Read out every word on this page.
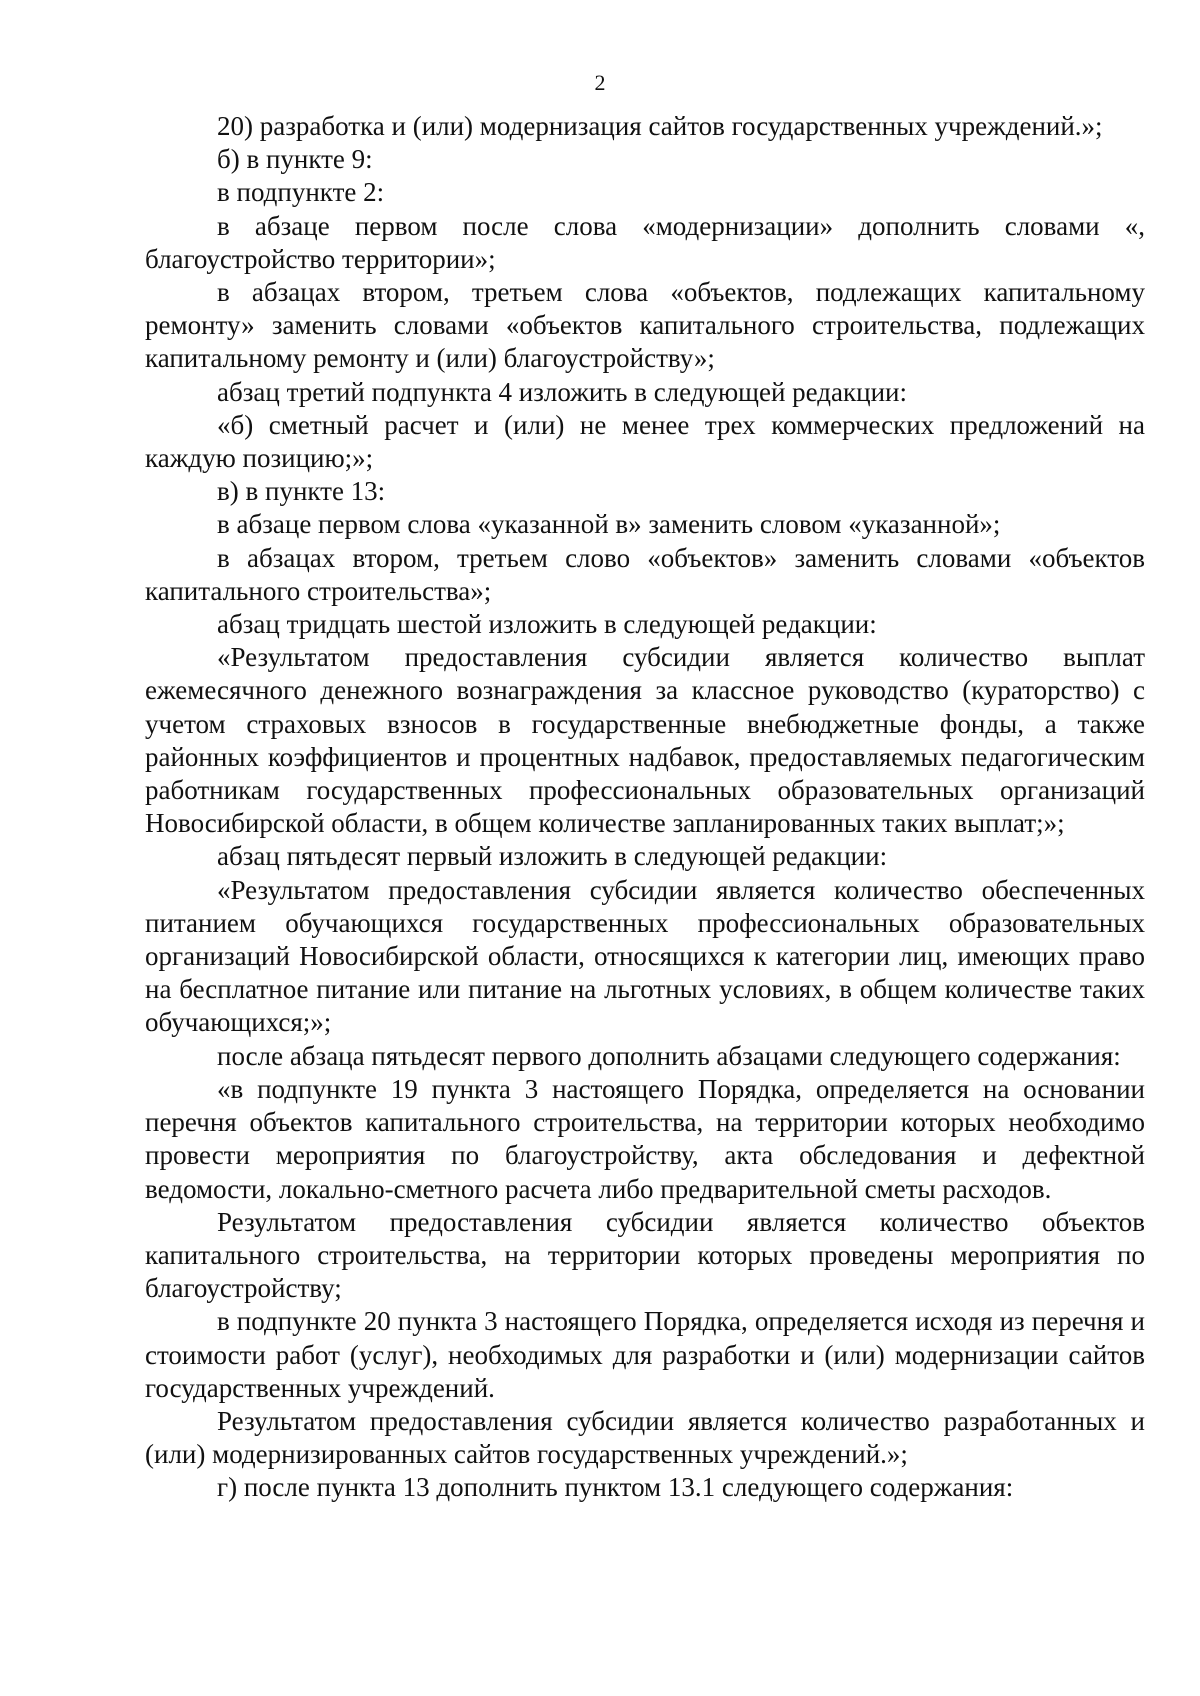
2

20) разработка и (или) модернизация сайтов государственных учреждений.»;

б) в пункте 9:

в подпункте 2:

в абзаце первом после слова «модернизации» дополнить словами «, благоустройство территории»;

в абзацах втором, третьем слова «объектов, подлежащих капитальному ремонту» заменить словами «объектов капитального строительства, подлежащих капитальному ремонту и (или) благоустройству»;

абзац третий подпункта 4 изложить в следующей редакции:

«б) сметный расчет и (или) не менее трех коммерческих предложений на каждую позицию;»;

в) в пункте 13:

в абзаце первом слова «указанной в» заменить словом «указанной»;

в абзацах втором, третьем слово «объектов» заменить словами «объектов капитального строительства»;

абзац тридцать шестой изложить в следующей редакции:

«Результатом предоставления субсидии является количество выплат ежемесячного денежного вознаграждения за классное руководство (кураторство) с учетом страховых взносов в государственные внебюджетные фонды, а также районных коэффициентов и процентных надбавок, предоставляемых педагогическим работникам государственных профессиональных образовательных организаций Новосибирской области, в общем количестве запланированных таких выплат;»;

абзац пятьдесят первый изложить в следующей редакции:

«Результатом предоставления субсидии является количество обеспеченных питанием обучающихся государственных профессиональных образовательных организаций Новосибирской области, относящихся к категории лиц, имеющих право на бесплатное питание или питание на льготных условиях, в общем количестве таких обучающихся;»;

после абзаца пятьдесят первого дополнить абзацами следующего содержания:

«в подпункте 19 пункта 3 настоящего Порядка, определяется на основании перечня объектов капитального строительства, на территории которых необходимо провести мероприятия по благоустройству, акта обследования и дефектной ведомости, локально-сметного расчета либо предварительной сметы расходов.

Результатом предоставления субсидии является количество объектов капитального строительства, на территории которых проведены мероприятия по благоустройству;

в подпункте 20 пункта 3 настоящего Порядка, определяется исходя из перечня и стоимости работ (услуг), необходимых для разработки и (или) модернизации сайтов государственных учреждений.

Результатом предоставления субсидии является количество разработанных и (или) модернизированных сайтов государственных учреждений.»;

г) после пункта 13 дополнить пунктом 13.1 следующего содержания:
